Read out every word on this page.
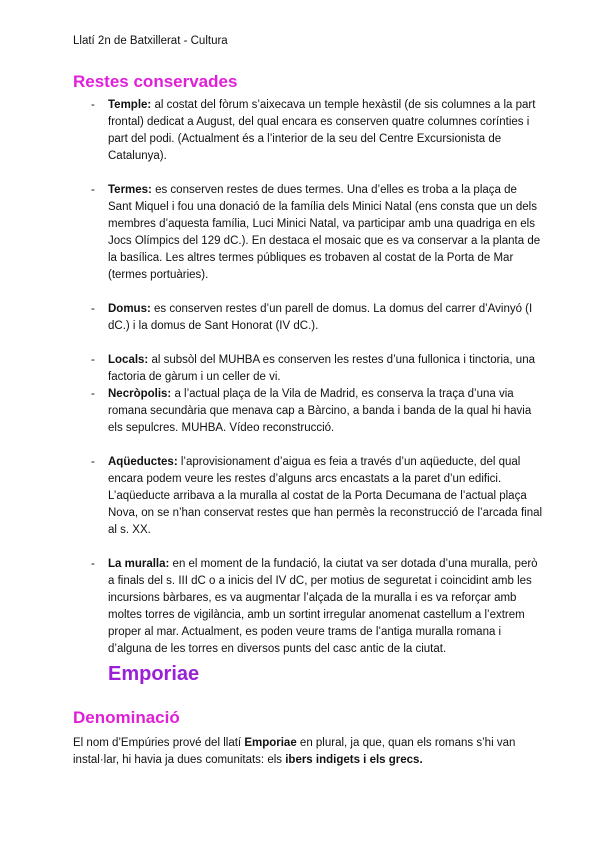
Llatí 2n de Batxillerat - Cultura
Restes conservades
- Temple: al costat del fòrum s’aixecava un temple hexàstil (de sis columnes a la part frontal) dedicat a August, del qual encara es conserven quatre columnes corínties i part del podi. (Actualment és a l’interior de la seu del Centre Excursionista de Catalunya).
- Termes: es conserven restes de dues termes. Una d’elles es troba a la plaça de Sant Miquel i fou una donació de la família dels Minici Natal (ens consta que un dels membres d’aquesta família, Luci Minici Natal, va participar amb una quadriga en els Jocs Olímpics del 129 dC.). En destaca el mosaic que es va conservar a la planta de la basílica. Les altres termes públiques es trobaven al costat de la Porta de Mar (termes portuàries).
- Domus: es conserven restes d’un parell de domus. La domus del carrer d’Avinyó (I dC.) i la domus de Sant Honorat (IV dC.).
- Locals: al subsòl del MUHBA es conserven les restes d’una fullonica i tinctoria, una factoria de gàrum i un celler de vi.
- Necròpolis: a l’actual plaça de la Vila de Madrid, es conserva la traça d’una via romana secundària que menava cap a Bàrcino, a banda i banda de la qual hi havia els sepulcres. MUHBA. Vídeo reconstrucció.
- Aqüeductes: l’aprovisionament d’aigua es feia a través d’un aqüeducte, del qual encara podem veure les restes d’alguns arcs encastats a la paret d’un edifici. L’aqüeducte arribava a la muralla al costat de la Porta Decumana de l’actual plaça Nova, on se n’han conservat restes que han permès la reconstrucció de l’arcada final al s. XX.
- La muralla: en el moment de la fundació, la ciutat va ser dotada d’una muralla, però a finals del s. III dC o a inicis del IV dC, per motius de seguretat i coincidint amb les incursions bàrbares, es va augmentar l’alçada de la muralla i es va reforçar amb moltes torres de vigilància, amb un sortint irregular anomenat castellum a l’extrem proper al mar. Actualment, es poden veure trams de l’antiga muralla romana i d’alguna de les torres en diversos punts del casc antic de la ciutat.
Emporiae
Denominació
El nom d’Empúries prové del llatí Emporiae en plural, ja que, quan els romans s’hi van instal·lar, hi havia ja dues comunitats: els ibers indigets i els grecs.
